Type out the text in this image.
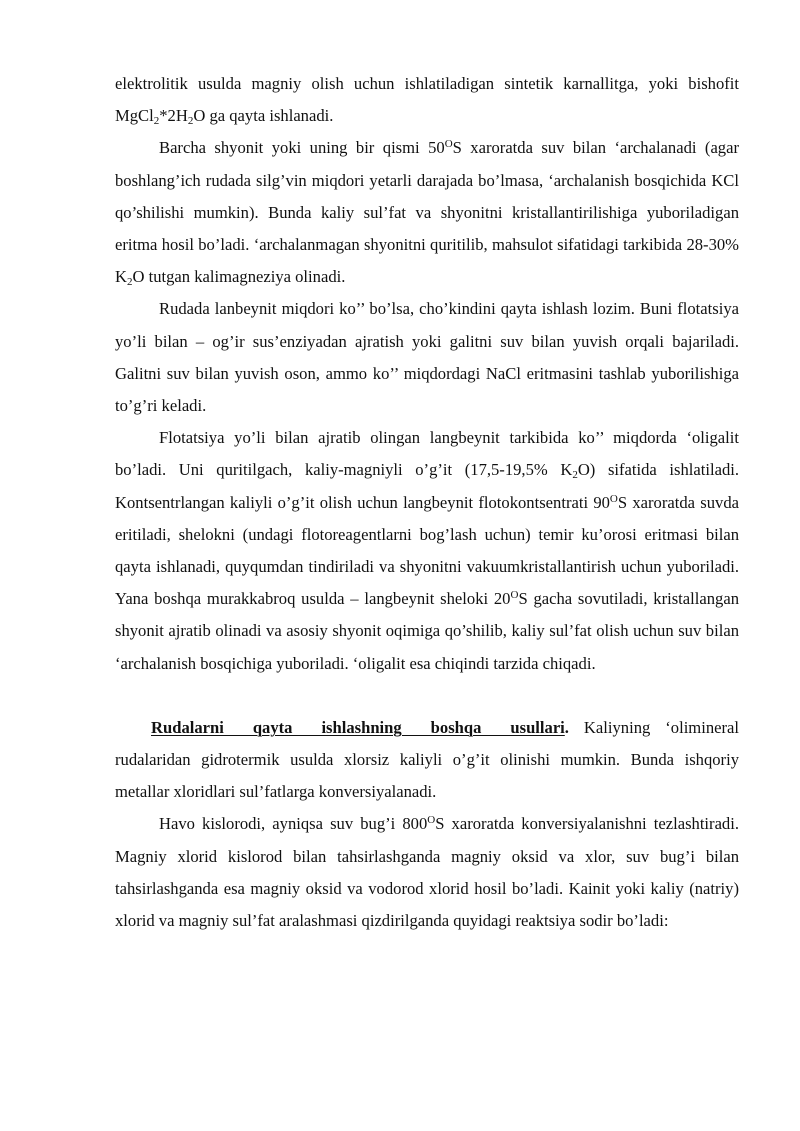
elektrolitik usulda magniy olish uchun ishlatiladigan sintetik karnallitga, yoki bishofit $MgCl_2*2H_2O$ ga qayta ishlanadi.

Barcha shyonit yoki uning bir qismi $50^OS$ xaroratda suv bilan ‘archalanadi (agar boshlang’ich rudada silg’vin miqdori yetarli darajada bo’lmasa, ‘archalanish bosqichida KCl qo’shilishi mumkin). Bunda kaliy sul’fat va shyonitni kristallantirilishiga yuboriladigan eritma hosil bo’ladi. ‘archalanmagan shyonitni quritilib, mahsulot sifatidagi tarkibida 28-30% $K_2O$ tutgan kalimagneziya olinadi.

Rudada lanbeynit miqdori ko’’ bo’lsa, cho’kindini qayta ishlash lozim. Buni flotatsiya yo’li bilan – og’ir sus’enziyadan ajratish yoki galitni suv bilan yuvish orqali bajariladi. Galitni suv bilan yuvish oson, ammo ko’’ miqdordagi NaCl eritmasini tashlab yuborilishiga to’g’ri keladi.

Flotatsiya yo’li bilan ajratib olingan langbeynit tarkibida ko’’ miqdorda ‘oligalit bo’ladi. Uni quritilgach, kaliy-magniyli o’g’it (17,5-19,5% $K_2O$) sifatida ishlatiladi. Kontsentrlangan kaliyli o’g’it olish uchun langbeynit flotokontsentrati $90^OS$ xaroratda suvda eritiladi, shelokni (undagi flotoreagentlarni bog’lash uchun) temir ku’orosi eritmasi bilan qayta ishlanadi, quyqumdan tindiriladi va shyonitni vakuumkristallantirish uchun yuboriladi. Yana boshqa murakkabroq usulda – langbeynit sheloki $20^OS$ gacha sovutiladi, kristallangan shyonit ajratib olinadi va asosiy shyonit oqimiga qo’shilib, kaliy sul’fat olish uchun suv bilan ‘archalanish bosqichiga yuboriladi. ‘oligalit esa chiqindi tarzida chiqadi.

Rudalarni qayta ishlashning boshqa usullari. Kaliyning ‘olimineral rudalaridan gidrotermik usulda xlorsiz kaliyli o’g’it olinishi mumkin. Bunda ishqoriy metallar xloridlari sul’fatlarga konversiyalanadi.

Havo kislorodi, ayniqsa suv bug’i $800^OS$ xaroratda konversiyalanishni tezlashtiradi. Magniy xlorid kislorod bilan tahsirlashganda magniy oksid va xlor, suv bug’i bilan tahsirlashganda esa magniy oksid va vodorod xlorid hosil bo’ladi. Kainit yoki kaliy (natriy) xlorid va magniy sul’fat aralashmasi qizdirilganda quyidagi reaktsiya sodir bo’ladi:
